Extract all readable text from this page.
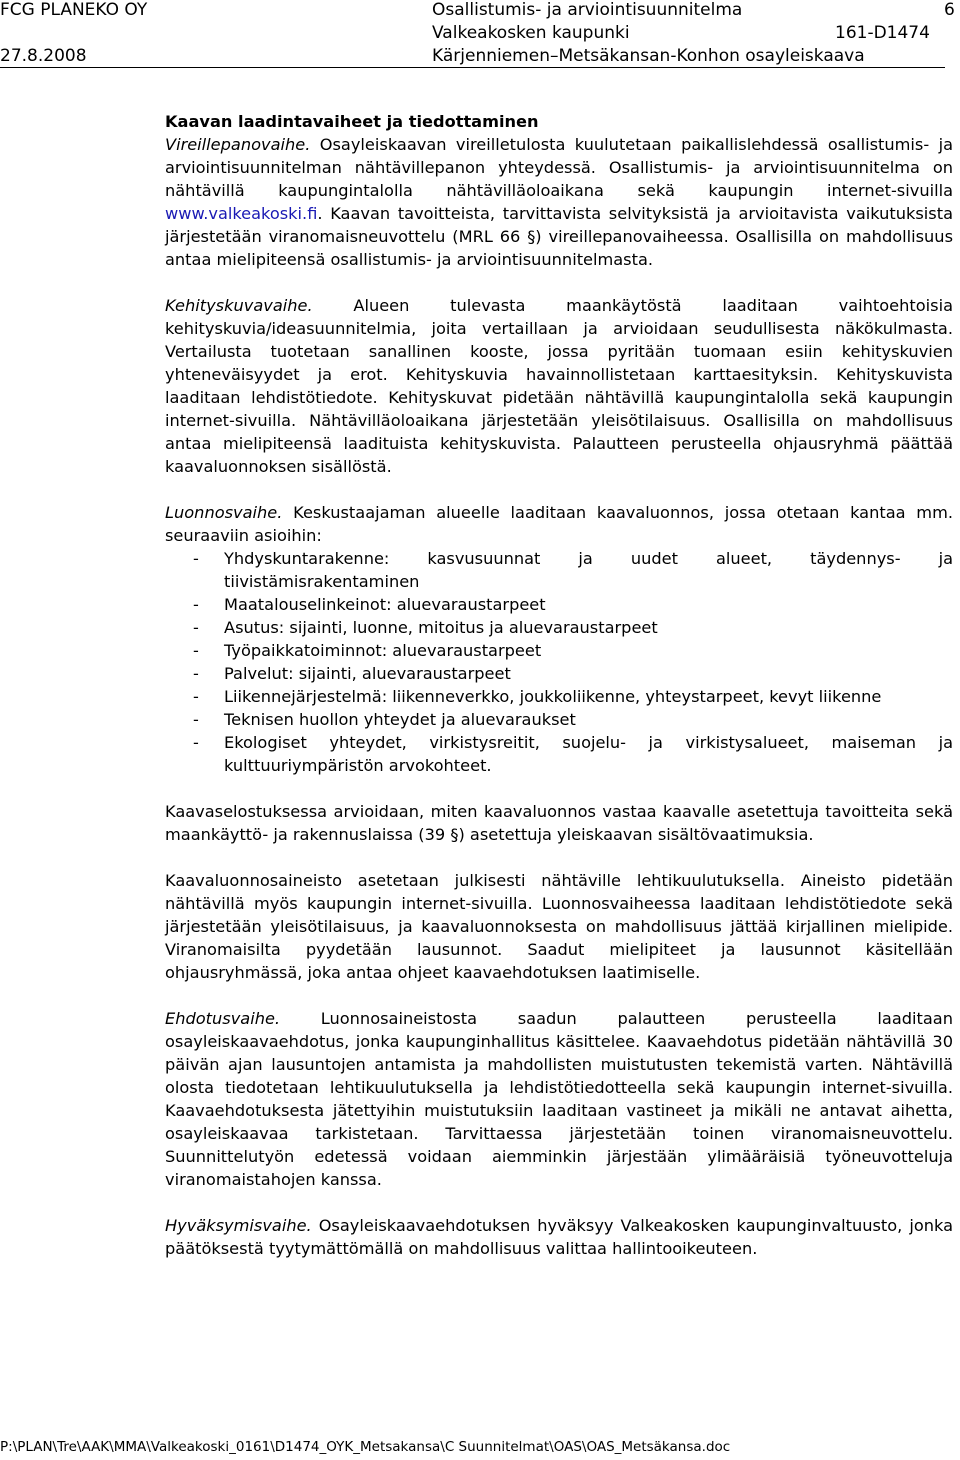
FCG PLANEKO OY
27.8.2008
Osallistumis- ja arviointisuunnitelma
Valkeakosken kaupunki
Kärjenniemen–Metsäkansan-Konhon osayleiskaava
6
161-D1474
Kaavan laadintavaiheet ja tiedottaminen

Vireillepanovaihe. Osayleiskaavan vireilletulosta kuulutetaan paikallislehdessä osallistumis- ja arviointisuunnitelman nähtävillepanon yhteydessä. Osallistumis- ja arviointisuunnitelma on nähtävillä kaupungintalolla nähtävilläoloaikana sekä kaupungin internet-sivuilla www.valkeakoski.fi. Kaavan tavoitteista, tarvittavista selvityksistä ja arvioitavista vaikutuksista järjestetään viranomaisneuvottelu (MRL 66 §) vireillepanovaiheessa. Osallisilla on mahdollisuus antaa mielipiteensä osallistumis- ja arviointisuunnitelmasta.

Kehityskuvavaihe. Alueen tulevasta maankäytöstä laaditaan vaihtoehtoisia kehityskuvia/ideasuunnitelmia, joita vertaillaan ja arvioidaan seudullisesta näkökulmasta. Vertailusta tuotetaan sanallinen kooste, jossa pyritään tuomaan esiin kehityskuvien yhteneväisyydet ja erot. Kehityskuvia havainnollistetaan karttaesityksin. Kehityskuvista laaditaan lehdistötiedote. Kehityskuvat pidetään nähtävillä kaupungintalolla sekä kaupungin internet-sivuilla. Nähtävilläoloaikana järjestetään yleisötilaisuus. Osallisilla on mahdollisuus antaa mielipiteensä laadituista kehityskuvista. Palautteen perusteella ohjausryhmä päättää kaavaluonnoksen sisällöstä.

Luonnosvaihe. Keskustaajaman alueelle laaditaan kaavaluonnos, jossa otetaan kantaa mm. seuraaviin asioihin:

- Yhdyskuntarakenne: kasvusuunnat ja uudet alueet, täydennys- ja tiivistämisrakentaminen
- Maatalouselinkeinot: aluevaraustarpeet
- Asutus: sijainti, luonne, mitoitus ja aluevaraustarpeet
- Työpaikkatoiminnot: aluevaraustarpeet
- Palvelut: sijainti, aluevaraustarpeet
- Liikennejärjestelmä: liikenneverkko, joukkoliikenne, yhteystarpeet, kevyt liikenne
- Teknisen huollon yhteydet ja aluevaraukset
- Ekologiset yhteydet, virkistysreitit, suojelu- ja virkistysalueet, maiseman ja kulttuuriympäristön arvokohteet.

Kaavaselostuksessa arvioidaan, miten kaavaluonnos vastaa kaavalle asetettuja tavoitteita sekä maankäyttö- ja rakennuslaissa (39 §) asetettuja yleiskaavan sisältövaatimuksia.

Kaavaluonnosaineisto asetetaan julkisesti nähtäville lehtikuulutuksella. Aineisto pidetään nähtävillä myös kaupungin internet-sivuilla. Luonnosvaiheessa laaditaan lehdistötiedote sekä järjestetään yleisötilaisuus, ja kaavaluonnoksesta on mahdollisuus jättää kirjallinen mielipide. Viranomaisilta pyydetään lausunnot. Saadut mielipiteet ja lausunnot käsitellään ohjausryhmässä, joka antaa ohjeet kaavaehdotuksen laatimiselle.

Ehdotusvaihe. Luonnosaineistosta saadun palautteen perusteella laaditaan osayleiskaavaehdotus, jonka kaupunginhallitus käsittelee. Kaavaehdotus pidetään nähtävillä 30 päivän ajan lausuntojen antamista ja mahdollisten muistutusten tekemistä varten. Nähtävillä olosta tiedotetaan lehtikuulutuksella ja lehdistötiedotteella sekä kaupungin internet-sivuilla. Kaavaehdotuksesta jätettyihin muistutuksiin laaditaan vastineet ja mikäli ne antavat aihetta, osayleiskaavaa tarkistetaan. Tarvittaessa järjestetään toinen viranomaisneuvottelu. Suunnittelutyön edetessä voidaan aiemminkin järjestään ylimääräisiä työneuvotteluja viranomaistahojen kanssa.

Hyväksymisvaihe. Osayleiskaavaehdotuksen hyväksyy Valkeakosken kaupunginvaltuusto, jonka päätöksestä tyytymättömällä on mahdollisuus valittaa hallintooikeuteen.

P:\PLAN\Tre\AAK\MMA\Valkeakoski_0161\D1474_OYK_Metsakansa\C Suunnitelmat\OAS\OAS_Metsäkansa.doc
